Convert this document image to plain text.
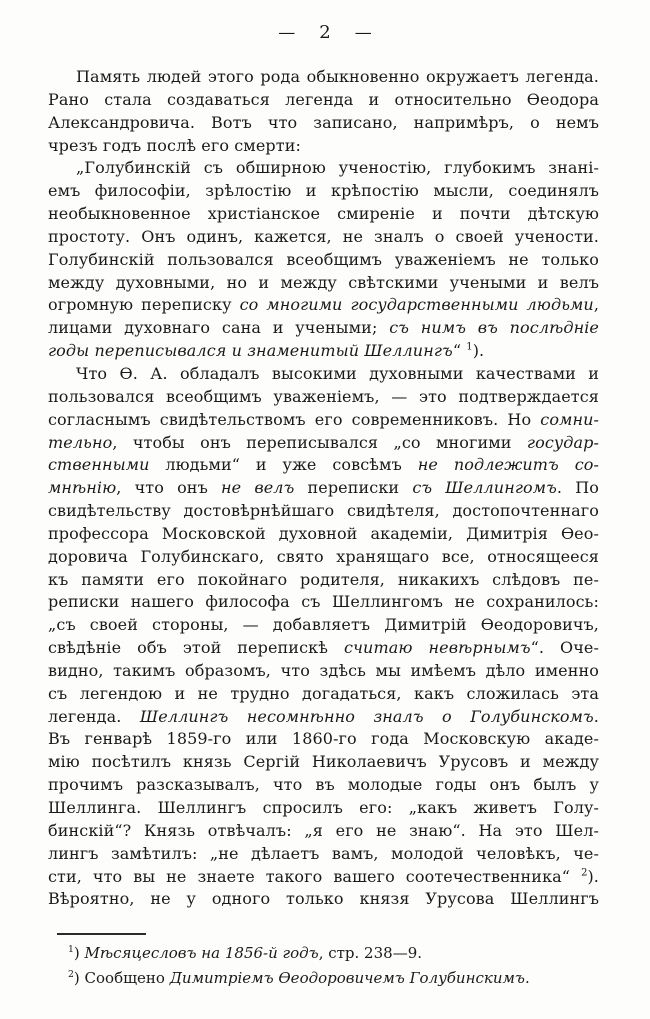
— 2 —
Память людей этого рода обыкновенно окружаетъ легенда.
Рано стала создаваться легенда и относительно Ѳеодора
Александровича. Вотъ что записано, напримѣръ, о немъ
чрезъ годъ послѣ его смерти:
„Голубинскій съ обширною ученостію, глубокимъ знані-
емъ философіи, зрѣлостію и крѣпостію мысли, соединялъ
необыкновенное христіанское смиреніе и почти дѣтскую
простоту. Онъ одинъ, кажется, не зналъ о своей учености.
Голубинскій пользовался всеобщимъ уваженіемъ не только
между духовными, но и между свѣтскими учеными и велъ
огромную переписку со многими государственными людьми,
лицами духовнаго сана и учеными; съ нимъ въ послѣдніе
годы переписывался и знаменитый Шеллингъ“ $^1$).
Что Ѳ. А. обладалъ высокими духовными качествами и
пользовался всеобщимъ уваженіемъ, — это подтверждается
согласнымъ свидѣтельствомъ его современниковъ. Но сомни-
тельно, чтобы онъ переписывался „со многими государ-
ственными людьми“ и уже совсѣмъ не подлежитъ со-
мнѣнію, что онъ не велъ переписки съ Шеллингомъ. По
свидѣтельству достовѣрнѣйшаго свидѣтеля, достопочтеннаго
профессора Московской духовной академіи, Димитрія Ѳео-
доровича Голубинскаго, свято хранящаго все, относящееся
къ памяти его покойнаго родителя, никакихъ слѣдовъ пе-
реписки нашего философа съ Шеллингомъ не сохранилось:
„съ своей стороны, — добавляетъ Димитрій Ѳеодоровичъ,
свѣдѣніе объ этой перепискѣ считаю невѣрнымъ“. Оче-
видно, такимъ образомъ, что здѣсь мы имѣемъ дѣло именно
съ легендою и не трудно догадаться, какъ сложилась эта
легенда. Шеллингъ несомнѣнно зналъ о Голубинскомъ.
Въ генварѣ 1859-го или 1860-го года Московскую акаде-
мію посѣтилъ князь Сергій Николаевичъ Урусовъ и между
прочимъ разсказывалъ, что въ молодые годы онъ былъ у
Шеллинга. Шеллингъ спросилъ его: „какъ живетъ Голу-
бинскій“? Князь отвѣчалъ: „я его не знаю“. На это Шел-
лингъ замѣтилъ: „не дѣлаетъ вамъ, молодой человѣкъ, че-
сти, что вы не знаете такого вашего соотечественника“ $^2$).
Вѣроятно, не у одного только князя Урусова Шеллингъ
$^1$) Мѣсяцесловъ на 1856-й годъ, стр. 238—9.
$^2$) Сообщено Димитріемъ Ѳеодоровичемъ Голубинскимъ.
